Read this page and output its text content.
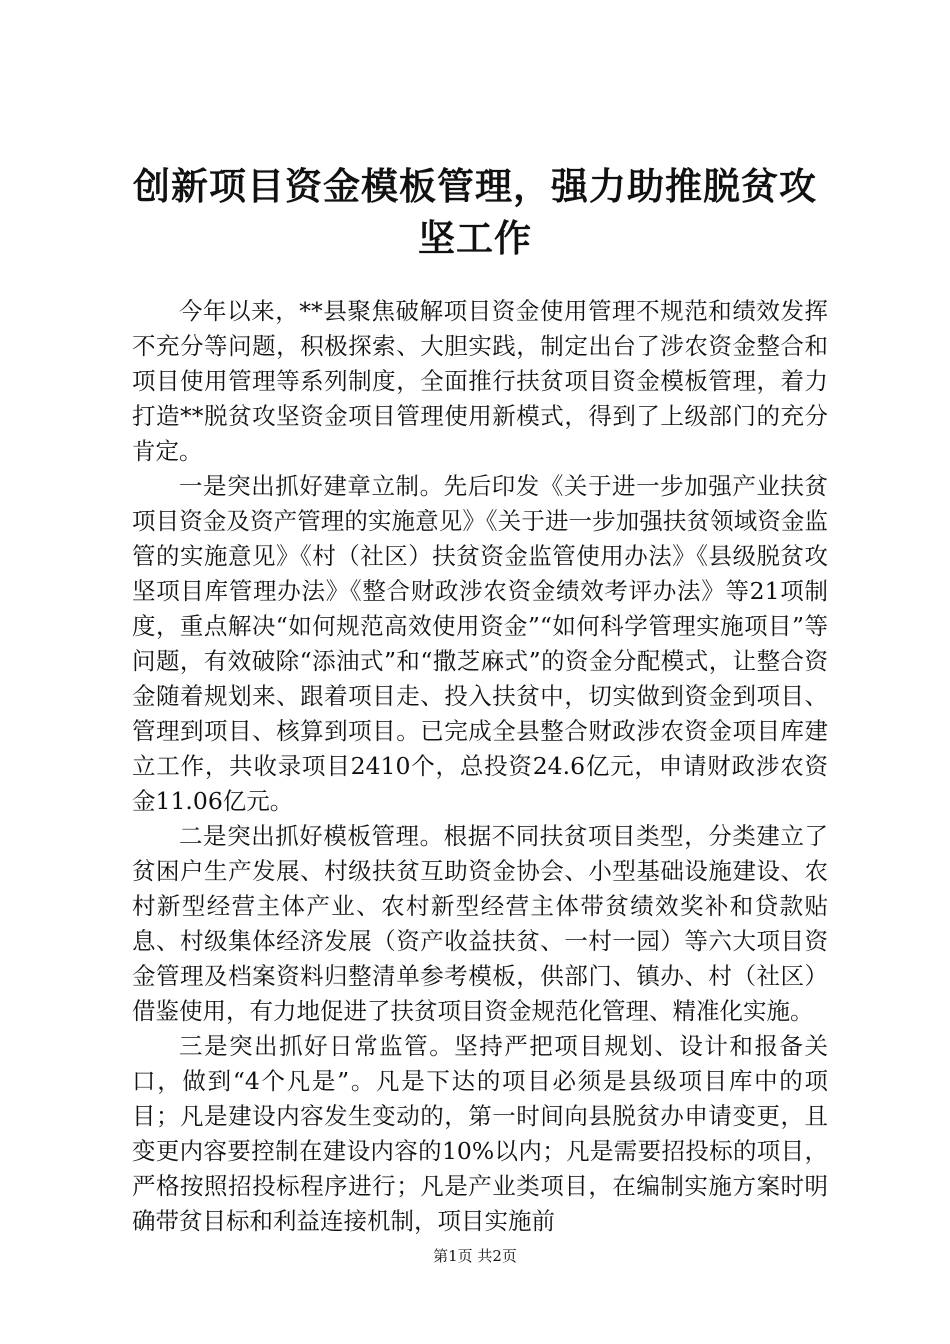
创新项目资金模板管理，强力助推脱贫攻坚工作

今年以来，**县聚焦破解项目资金使用管理不规范和绩效发挥不充分等问题，积极探索、大胆实践，制定出台了涉农资金整合和项目使用管理等系列制度，全面推行扶贫项目资金模板管理，着力打造**脱贫攻坚资金项目管理使用新模式，得到了上级部门的充分肯定。

一是突出抓好建章立制。先后印发《关于进一步加强产业扶贫项目资金及资产管理的实施意见》《关于进一步加强扶贫领域资金监管的实施意见》《村（社区）扶贫资金监管使用办法》《县级脱贫攻坚项目库管理办法》《整合财政涉农资金绩效考评办法》等21项制度，重点解决“如何规范高效使用资金”“如何科学管理实施项目”等问题，有效破除“添油式”和“撒芝麻式”的资金分配模式，让整合资金随着规划来、跟着项目走、投入扶贫中，切实做到资金到项目、管理到项目、核算到项目。已完成全县整合财政涉农资金项目库建立工作，共收录项目2410个，总投资24.6亿元，申请财政涉农资金11.06亿元。

二是突出抓好模板管理。根据不同扶贫项目类型，分类建立了贫困户生产发展、村级扶贫互助资金协会、小型基础设施建设、农村新型经营主体产业、农村新型经营主体带贫绩效奖补和贷款贴息、村级集体经济发展（资产收益扶贫、一村一园）等六大项目资金管理及档案资料归整清单参考模板，供部门、镇办、村（社区）借鉴使用，有力地促进了扶贫项目资金规范化管理、精准化实施。

三是突出抓好日常监管。坚持严把项目规划、设计和报备关口，做到“4个凡是”。凡是下达的项目必须是县级项目库中的项目；凡是建设内容发生变动的，第一时间向县脱贫办申请变更，且变更内容要控制在建设内容的10%以内；凡是需要招投标的项目，严格按照招投标程序进行；凡是产业类项目，在编制实施方案时明确带贫目标和利益连接机制，项目实施前

第1页 共2页
